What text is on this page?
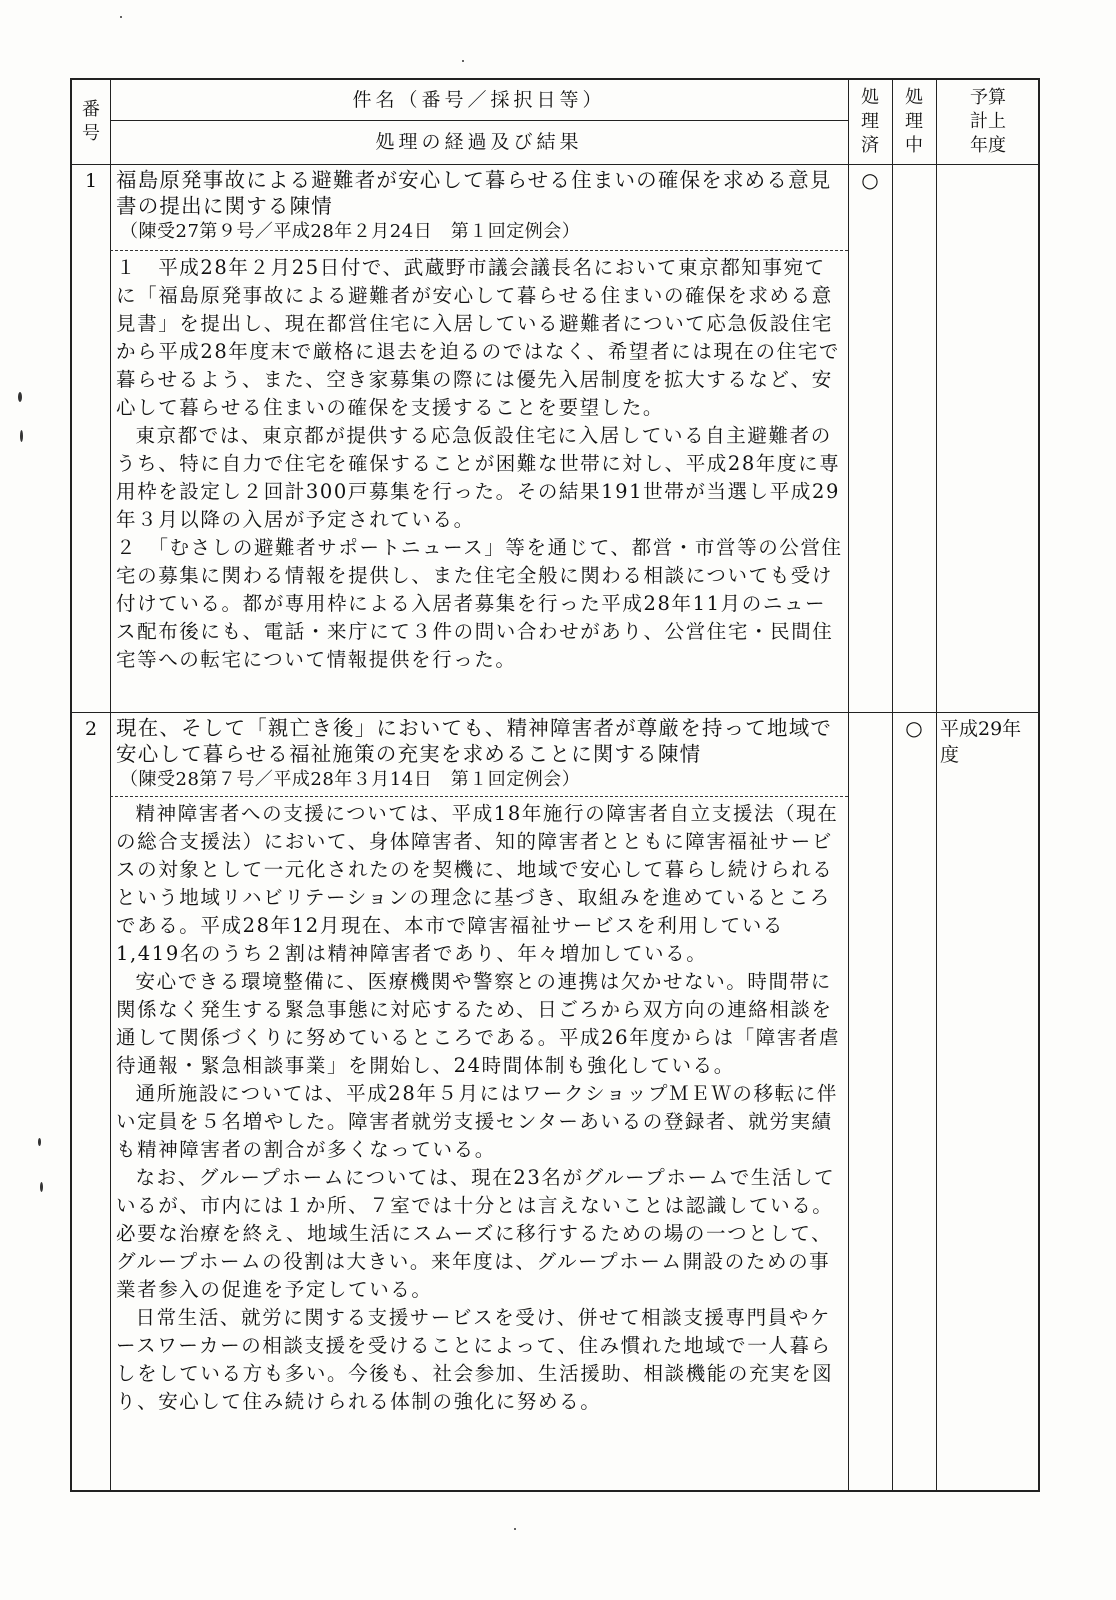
番
号
件名（番号／採択日等）
処理の経過及び結果
処
理
済
処
理
中
予算
計上
年度
1 福島原発事故による避難者が安心して暮らせる住まいの確保を求める意見書の提出に関する陳情
（陳受27第９号／平成28年２月24日　第１回定例会）

１　平成28年２月25日付で、武蔵野市議会議長名において東京都知事宛てに「福島原発事故による避難者が安心して暮らせる住まいの確保を求める意見書」を提出し、現在都営住宅に入居している避難者について応急仮設住宅から平成28年度末で厳格に退去を迫るのではなく、希望者には現在の住宅で暮らせるよう、また、空き家募集の際には優先入居制度を拡大するなど、安心して暮らせる住まいの確保を支援することを要望した。

東京都では、東京都が提供する応急仮設住宅に入居している自主避難者のうち、特に自力で住宅を確保することが困難な世帯に対し、平成28年度に専用枠を設定し２回計300戸募集を行った。その結果191世帯が当選し平成29年３月以降の入居が予定されている。

２　「むさしの避難者サポートニュース」等を通じて、都営・市営等の公営住宅の募集に関わる情報を提供し、また住宅全般に関わる相談についても受け付けている。都が専用枠による入居者募集を行った平成28年11月のニュース配布後にも、電話・来庁にて３件の問い合わせがあり、公営住宅・民間住宅等への転宅について情報提供を行った。

○
2 現在、そして「親亡き後」においても、精神障害者が尊厳を持って地域で安心して暮らせる福祉施策の充実を求めることに関する陳情
（陳受28第７号／平成28年３月14日　第１回定例会）

精神障害者への支援については、平成18年施行の障害者自立支援法（現在の総合支援法）において、身体障害者、知的障害者とともに障害福祉サービスの対象として一元化されたのを契機に、地域で安心して暮らし続けられるという地域リハビリテーションの理念に基づき、取組みを進めているところである。平成28年12月現在、本市で障害福祉サービスを利用している1,419名のうち２割は精神障害者であり、年々増加している。

安心できる環境整備に、医療機関や警察との連携は欠かせない。時間帯に関係なく発生する緊急事態に対応するため、日ごろから双方向の連絡相談を通して関係づくりに努めているところである。平成26年度からは「障害者虐待通報・緊急相談事業」を開始し、24時間体制も強化している。

通所施設については、平成28年５月にはワークショップＭＥＷの移転に伴い定員を５名増やした。障害者就労支援センターあいるの登録者、就労実績も精神障害者の割合が多くなっている。

なお、グループホームについては、現在23名がグループホームで生活しているが、市内には１か所、７室では十分とは言えないことは認識している。必要な治療を終え、地域生活にスムーズに移行するための場の一つとして、グループホームの役割は大きい。来年度は、グループホーム開設のための事業者参入の促進を予定している。

日常生活、就労に関する支援サービスを受け、併せて相談支援専門員やケースワーカーの相談支援を受けることによって、住み慣れた地域で一人暮らしをしている方も多い。今後も、社会参加、生活援助、相談機能の充実を図り、安心して住み続けられる体制の強化に努める。

○ 平成29年度
